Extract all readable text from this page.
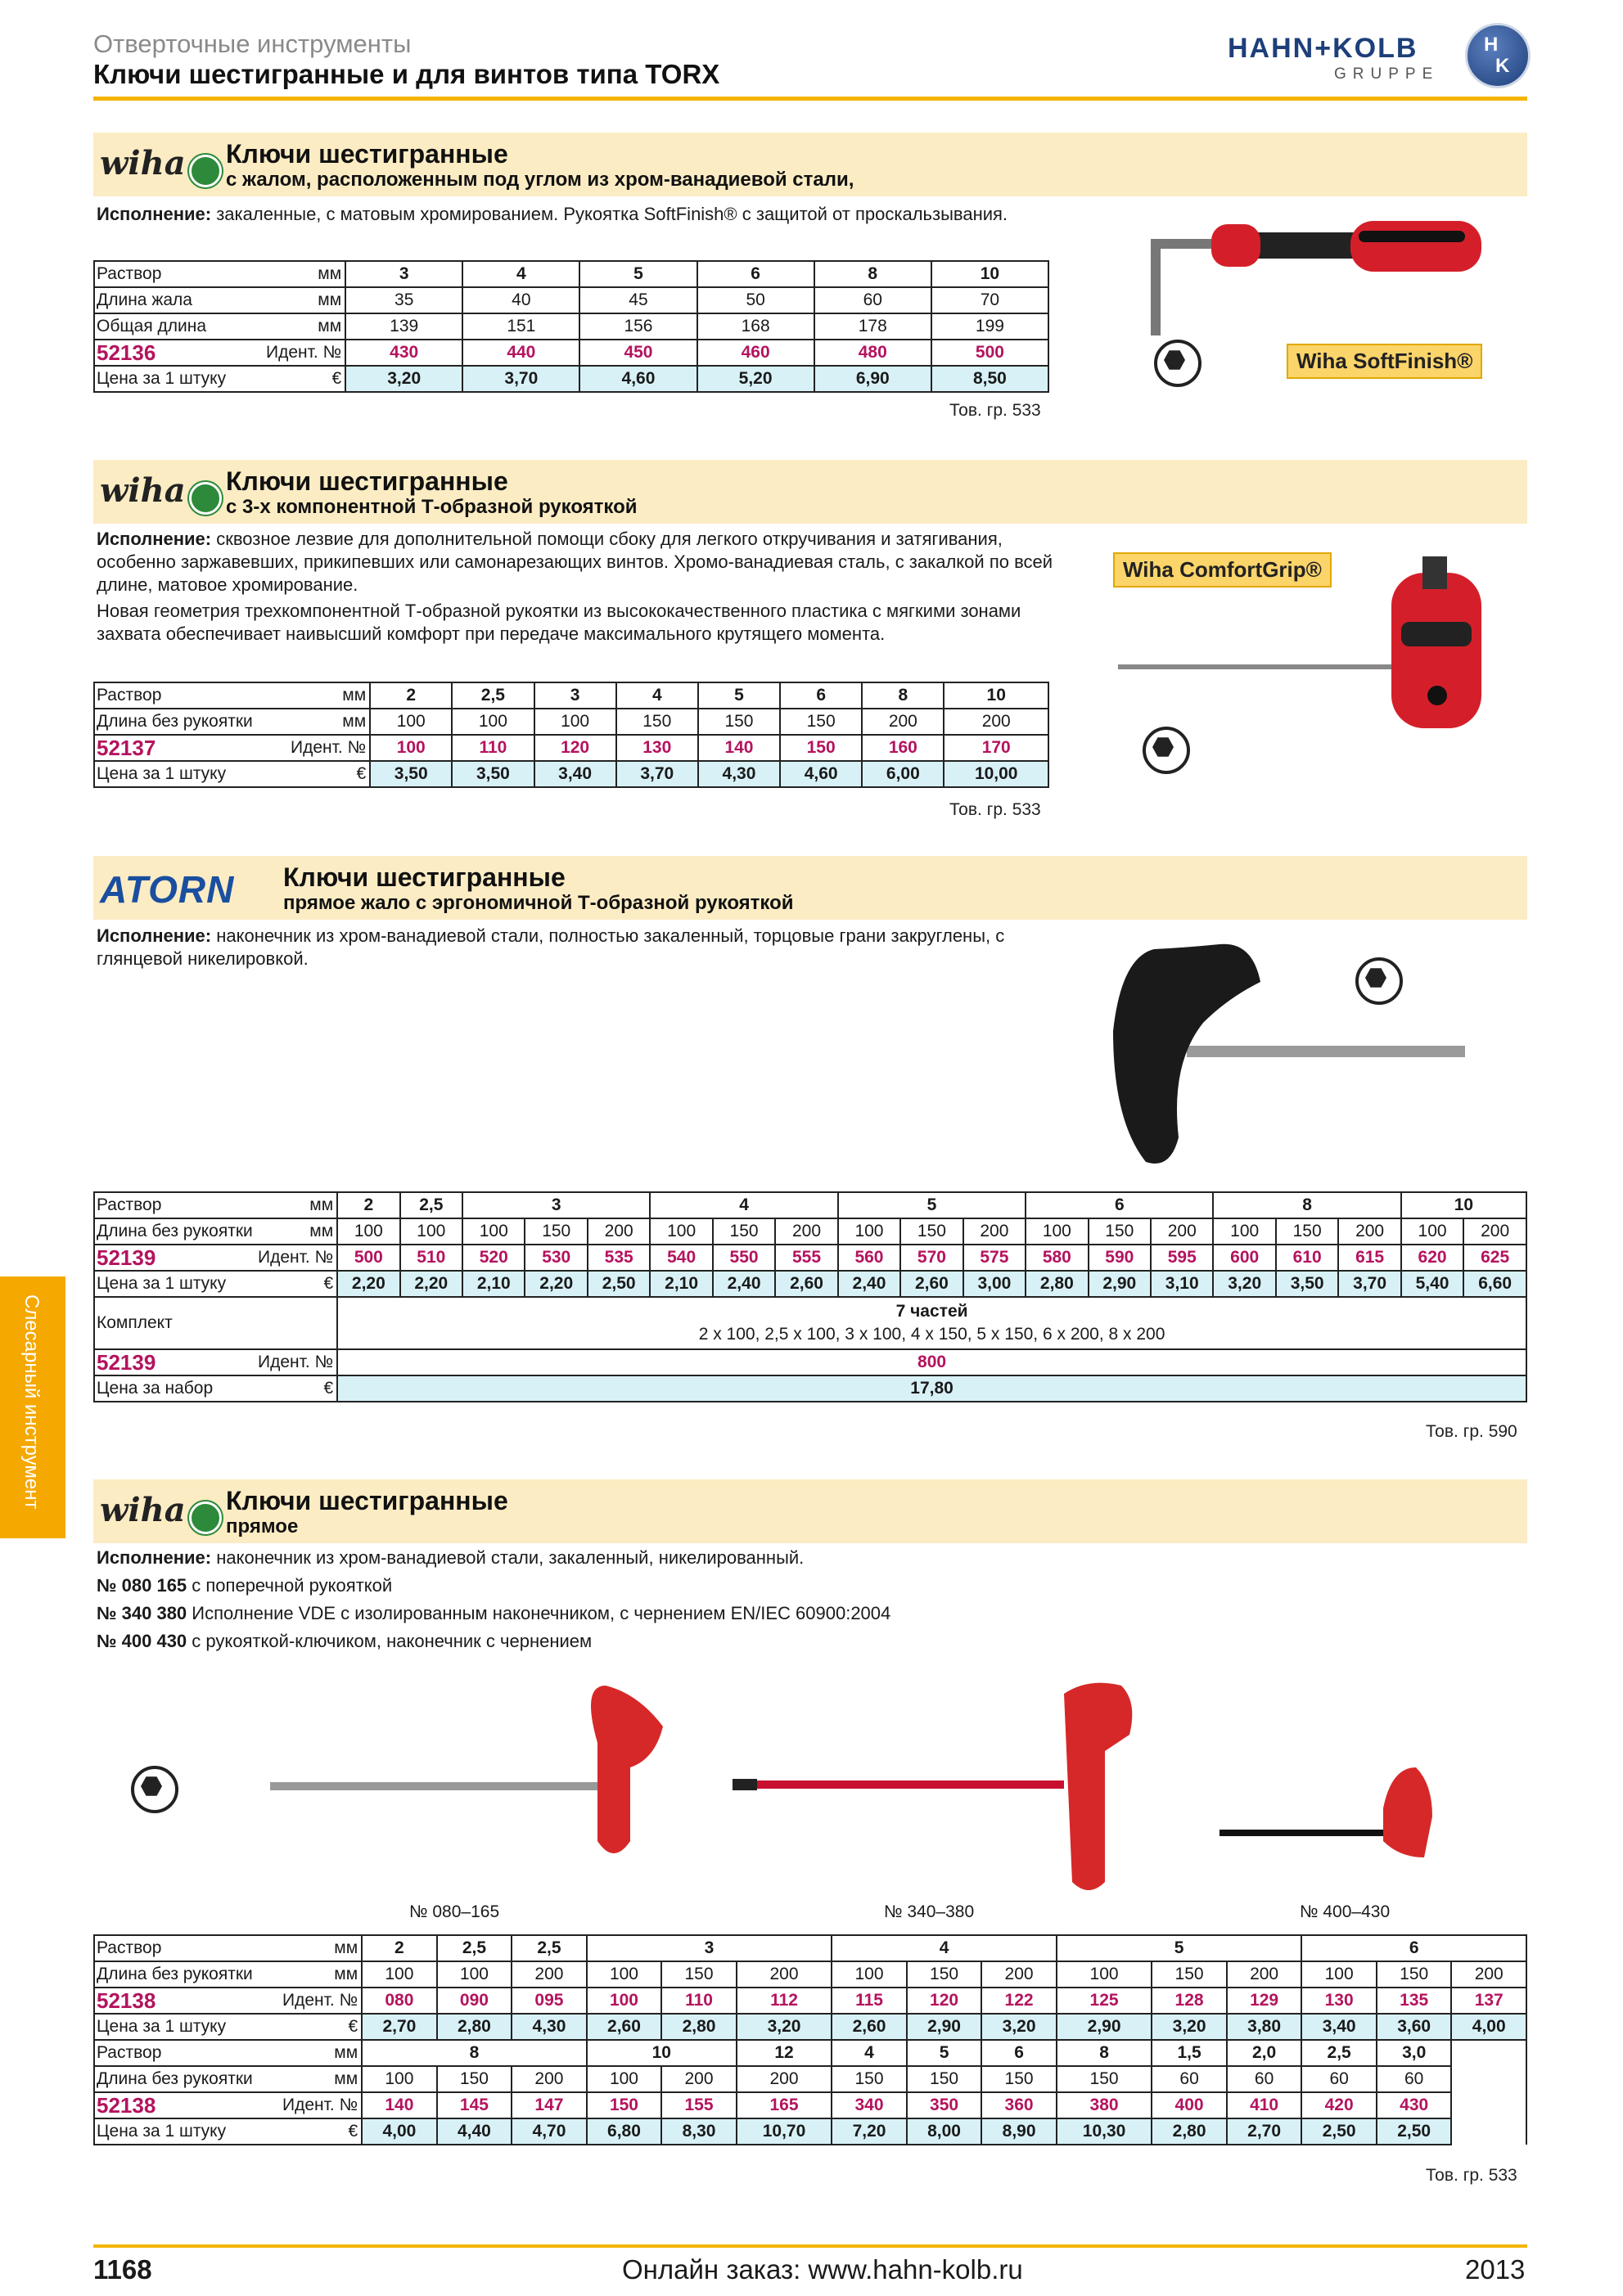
Отверточные инструменты
Ключи шестигранные и для винтов типа TORX
HAHN+KOLB
GRUPPE
H
K
Слесарный инструмент
wiha	Ключи шестигранные
с жалом, расположенным под углом из хром-ванадиевой стали,
Исполнение: закаленные, с матовым хромированием. Рукоятка SoftFinish® с защитой от проскальзывания.
Раствор	мм	3	4	5	6	8	10
Длина жала	мм	35	40	45	50	60	70
Общая длина	мм	139	151	156	168	178	199
52136	Идент. №	430	440	450	460	480	500
Цена за 1 штуку	€	3,20	3,70	4,60	5,20	6,90	8,50
Тов. гр. 533
Wiha SoftFinish®
wiha	Ключи шестигранные
с 3-х компонентной Т-образной рукояткой
Исполнение: сквозное лезвие для дополнительной помощи сбоку для легкого откручивания и затягивания, особенно заржавевших, прикипевших или самонарезающих винтов. Хромо-ванадиевая сталь, с закалкой по всей длине, матовое хромирование.
Новая геометрия трехкомпонентной Т-образной рукоятки из высококачественного пластика с мягкими зонами захвата обеспечивает наивысший комфорт при передаче максимального крутящего момента.
Раствор	мм	2	2,5	3	4	5	6	8	10
Длина без рукоятки	мм	100	100	100	150	150	150	200	200
52137	Идент. №	100	110	120	130	140	150	160	170
Цена за 1 штуку	€	3,50	3,50	3,40	3,70	4,30	4,60	6,00	10,00
Тов. гр. 533
Wiha ComfortGrip®
ATORN Ключи шестигранные
прямое жало с эргономичной Т-образной рукояткой
Исполнение: наконечник из хром-ванадиевой стали, полностью закаленный, торцовые грани закруглены, с глянцевой никелировкой.
Раствор	мм	2	2,5	3			4			5			6			8			10	
Длина без рукоятки	мм	100	100	100	150	200	100	150	200	100	150	200	100	150	200	100	150	200	100	200
52139	Идент. №	500	510	520	530	535	540	550	555	560	570	575	580	590	595	600	610	615	620	625
Цена за 1 штуку	€	2,20	2,20	2,10	2,20	2,50	2,10	2,40	2,60	2,40	2,60	3,00	2,80	2,90	3,10	3,20	3,50	3,70	5,40	6,60
Комплект		7 частей
2 x 100, 2,5 x 100, 3 x 100, 4 x 150, 5 x 150, 6 x 200, 8 x 200																		

52139	Идент. №	800																		
Цена за набор	€	17,80																		
Тов. гр. 590
wiha	Ключи шестигранные
прямое
Исполнение: наконечник из хром-ванадиевой стали, закаленный, никелированный.
№ 080 165 с поперечной рукояткой
№ 340 380 Исполнение VDE с изолированным наконечником, с чернением EN/IEC 60900:2004
№ 400 430 с рукояткой-ключиком, наконечник с чернением
№ 080–165	№ 340–380	№ 400–430
Раствор	мм	2	2,5	2,5	3			4			5			6		
Длина без рукоятки	мм	100	100	200	100	150	200	100	150	200	100	150	200	100	150	200
52138	Идент. №	080	090	095	100	110	112	115	120	122	125	128	129	130	135	137
Цена за 1 штуку	€	2,70	2,80	4,30	2,60	2,80	3,20	2,60	2,90	3,20	2,90	3,20	3,80	3,40	3,60	4,00
Раствор	мм	8			10		12	4	5	6	8	1,5	2,0	2,5	3,0	
Длина без рукоятки	мм	100	150	200	100	200	200	150	150	150	150	60	60	60	60	
52138	Идент. №	140	145	147	150	155	165	340	350	360	380	400	410	420	430	
Цена за 1 штуку	€	4,00	4,40	4,70	6,80	8,30	10,70	7,20	8,00	8,90	10,30	2,80	2,70	2,50	2,50	
Тов. гр. 533
1168	Онлайн заказ: www.hahn-kolb.ru	2013
